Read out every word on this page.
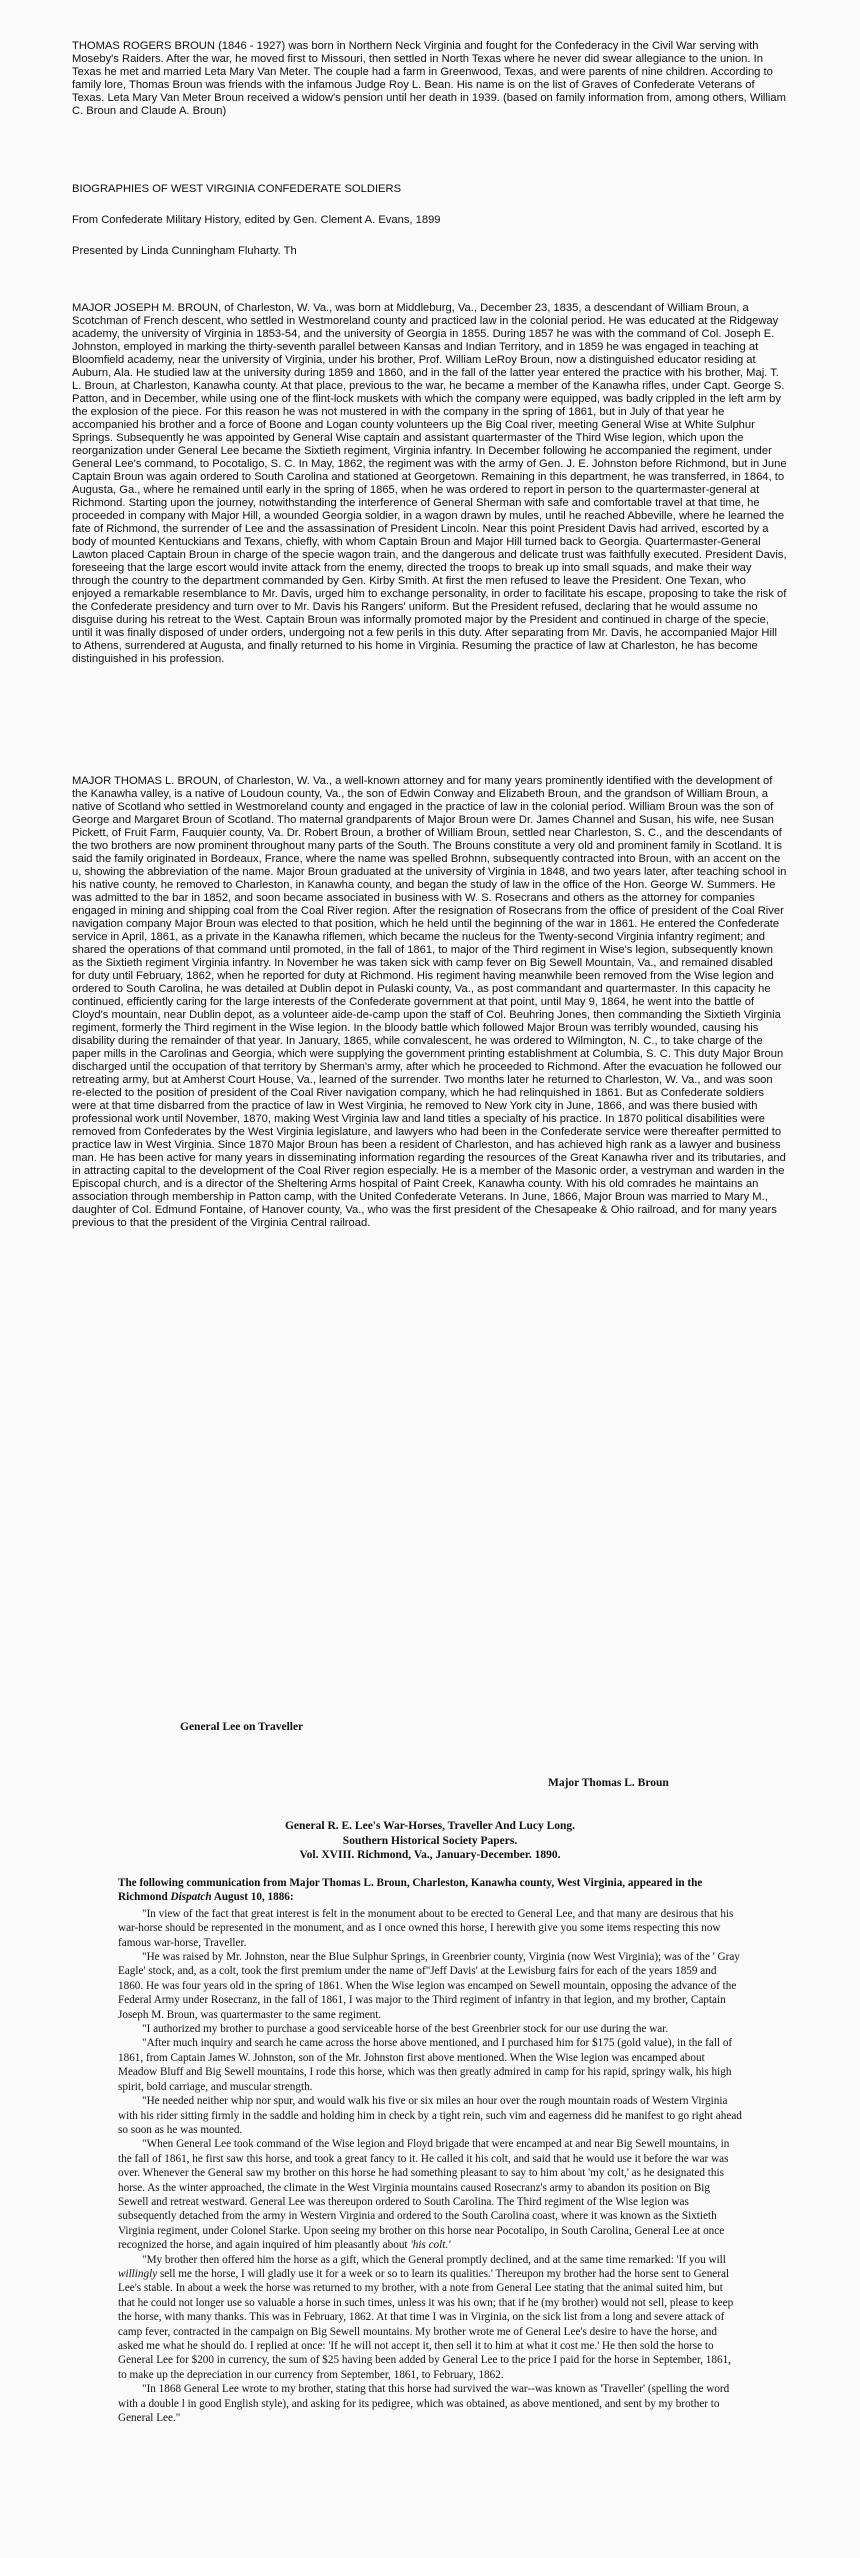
THOMAS ROGERS BROUN (1846 - 1927) was born in Northern Neck Virginia and fought for the Confederacy in the Civil War serving with Moseby's Raiders. After the war, he moved first to Missouri, then settled in North Texas where he never did swear allegiance to the union. In Texas he met and married Leta Mary Van Meter. The couple had a farm in Greenwood, Texas, and were parents of nine children. According to family lore, Thomas Broun was friends with the infamous Judge Roy L. Bean. His name is on the list of Graves of Confederate Veterans of Texas. Leta Mary Van Meter Broun received a widow's pension until her death in 1939. (based on family information from, among others, William C. Broun and Claude A. Broun)

BIOGRAPHIES OF WEST VIRGINIA CONFEDERATE SOLDIERS

From Confederate Military History, edited by Gen. Clement A. Evans, 1899

Presented by Linda Cunningham Fluharty. Th

MAJOR JOSEPH M. BROUN, of Charleston, W. Va., was born at Middleburg, Va., December 23, 1835, a descendant of William Broun, a Scotchman of French descent, who settled in Westmoreland county and practiced law in the colonial period. He was educated at the Ridgeway academy, the university of Virginia in 1853-54, and the university of Georgia in 1855. During 1857 he was with the command of Col. Joseph E. Johnston, employed in marking the thirty-seventh parallel between Kansas and Indian Territory, and in 1859 he was engaged in teaching at Bloomfield academy, near the university of Virginia, under his brother, Prof. William LeRoy Broun, now a distinguished educator residing at Auburn, Ala. He studied law at the university during 1859 and 1860, and in the fall of the latter year entered the practice with his brother, Maj. T. L. Broun, at Charleston, Kanawha county. At that place, previous to the war, he became a member of the Kanawha rifles, under Capt. George S. Patton, and in December, while using one of the flint-lock muskets with which the company were equipped, was badly crippled in the left arm by the explosion of the piece. For this reason he was not mustered in with the company in the spring of 1861, but in July of that year he accompanied his brother and a force of Boone and Logan county volunteers up the Big Coal river, meeting General Wise at White Sulphur Springs. Subsequently he was appointed by General Wise captain and assistant quartermaster of the Third Wise legion, which upon the reorganization under General Lee became the Sixtieth regiment, Virginia infantry. In December following he accompanied the regiment, under General Lee's command, to Pocotaligo, S. C. In May, 1862, the regiment was with the army of Gen. J. E. Johnston before Richmond, but in June Captain Broun was again ordered to South Carolina and stationed at Georgetown. Remaining in this department, he was transferred, in 1864, to Augusta, Ga., where he remained until early in the spring of 1865, when he was ordered to report in person to the quartermaster-general at Richmond. Starting upon the journey, notwithstanding the interference of General Sherman with safe and comfortable travel at that time, he proceeded in company with Major Hill, a wounded Georgia soldier, in a wagon drawn by mules, until he reached Abbeville, where he learned the fate of Richmond, the surrender of Lee and the assassination of President Lincoln. Near this point President Davis had arrived, escorted by a body of mounted Kentuckians and Texans, chiefly, with whom Captain Broun and Major Hill turned back to Georgia. Quartermaster-General Lawton placed Captain Broun in charge of the specie wagon train, and the dangerous and delicate trust was faithfully executed. President Davis, foreseeing that the large escort would invite attack from the enemy, directed the troops to break up into small squads, and make their way through the country to the department commanded by Gen. Kirby Smith. At first the men refused to leave the President. One Texan, who enjoyed a remarkable resemblance to Mr. Davis, urged him to exchange personality, in order to facilitate his escape, proposing to take the risk of the Confederate presidency and turn over to Mr. Davis his Rangers' uniform. But the President refused, declaring that he would assume no disguise during his retreat to the West. Captain Broun was informally promoted major by the President and continued in charge of the specie, until it was finally disposed of under orders, undergoing not a few perils in this duty. After separating from Mr. Davis, he accompanied Major Hill to Athens, surrendered at Augusta, and finally returned to his home in Virginia. Resuming the practice of law at Charleston, he has become distinguished in his profession.

MAJOR THOMAS L. BROUN, of Charleston, W. Va., a well-known attorney and for many years prominently identified with the development of the Kanawha valley, is a native of Loudoun county, Va., the son of Edwin Conway and Elizabeth Broun, and the grandson of William Broun, a native of Scotland who settled in Westmoreland county and engaged in the practice of law in the colonial period. William Broun was the son of George and Margaret Broun of Scotland. Tho maternal grandparents of Major Broun were Dr. James Channel and Susan, his wife, nee Susan Pickett, of Fruit Farm, Fauquier county, Va. Dr. Robert Broun, a brother of William Broun, settled near Charleston, S. C., and the descendants of the two brothers are now prominent throughout many parts of the South. The Brouns constitute a very old and prominent family in Scotland. It is said the family originated in Bordeaux, France, where the name was spelled Brohnn, subsequently contracted into Broun, with an accent on the u, showing the abbreviation of the name. Major Broun graduated at the university of Virginia in 1848, and two years later, after teaching school in his native county, he removed to Charleston, in Kanawha county, and began the study of law in the office of the Hon. George W. Summers. He was admitted to the bar in 1852, and soon became associated in business with W. S. Rosecrans and others as the attorney for companies engaged in mining and shipping coal from the Coal River region. After the resignation of Rosecrans from the office of president of the Coal River navigation company Major Broun was elected to that position, which he held until the beginning of the war in 1861. He entered the Confederate service in April, 1861, as a private in the Kanawha riflemen, which became the nucleus for the Twenty-second Virginia infantry regiment; and shared the operations of that command until promoted, in the fall of 1861, to major of the Third regiment in Wise's legion, subsequently known as the Sixtieth regiment Virginia infantry. In November he was taken sick with camp fever on Big Sewell Mountain, Va., and remained disabled for duty until February, 1862, when he reported for duty at Richmond. His regiment having meanwhile been removed from the Wise legion and ordered to South Carolina, he was detailed at Dublin depot in Pulaski county, Va., as post commandant and quartermaster. In this capacity he continued, efficiently caring for the large interests of the Confederate government at that point, until May 9, 1864, he went into the battle of Cloyd's mountain, near Dublin depot, as a volunteer aide-de-camp upon the staff of Col. Beuhring Jones, then commanding the Sixtieth Virginia regiment, formerly the Third regiment in the Wise legion. In the bloody battle which followed Major Broun was terribly wounded, causing his disability during the remainder of that year. In January, 1865, while convalescent, he was ordered to Wilmington, N. C., to take charge of the paper mills in the Carolinas and Georgia, which were supplying the government printing establishment at Columbia, S. C. This duty Major Broun discharged until the occupation of that territory by Sherman's army, after which he proceeded to Richmond. After the evacuation he followed our retreating army, but at Amherst Court House, Va., learned of the surrender. Two months later he returned to Charleston, W. Va., and was soon re-elected to the position of president of the Coal River navigation company, which he had relinquished in 1861. But as Confederate soldiers were at that time disbarred from the practice of law in West Virginia, he removed to New York city in June, 1866, and was there busied with professional work until November, 1870, making West Virginia law and land titles a specialty of his practice. In 1870 political disabilities were removed from Confederates by the West Virginia legislature, and lawyers who had been in the Confederate service were thereafter permitted to practice law in West Virginia. Since 1870 Major Broun has been a resident of Charleston, and has achieved high rank as a lawyer and business man. He has been active for many years in disseminating information regarding the resources of the Great Kanawha river and its tributaries, and in attracting capital to the development of the Coal River region especially. He is a member of the Masonic order, a vestryman and warden in the Episcopal church, and is a director of the Sheltering Arms hospital of Paint Creek, Kanawha county. With his old comrades he maintains an association through membership in Patton camp, with the United Confederate Veterans. In June, 1866, Major Broun was married to Mary M., daughter of Col. Edmund Fontaine, of Hanover county, Va., who was the first president of the Chesapeake & Ohio railroad, and for many years previous to that the president of the Virginia Central railroad.

General Lee on Traveller

Major Thomas L. Broun

General R. E. Lee's War-Horses, Traveller And Lucy Long.
Southern Historical Society Papers.
Vol. XVIII. Richmond, Va., January-December. 1890.

The following communication from Major Thomas L. Broun, Charleston, Kanawha county, West Virginia, appeared in the Richmond Dispatch August 10, 1886:

"In view of the fact that great interest is felt in the monument about to be erected to General Lee, and that many are desirous that his war-horse should be represented in the monument, and as I once owned this horse, I herewith give you some items respecting this now famous war-horse, Traveller.

"He was raised by Mr. Johnston, near the Blue Sulphur Springs, in Greenbrier county, Virginia (now West Virginia); was of the ' Gray Eagle' stock, and, as a colt, took the first premium under the name of"Jeff Davis' at the Lewisburg fairs for each of the years 1859 and 1860. He was four years old in the spring of 1861. When the Wise legion was encamped on Sewell mountain, opposing the advance of the Federal Army under Rosecranz, in the fall of 1861, I was major to the Third regiment of infantry in that legion, and my brother, Captain Joseph M. Broun, was quartermaster to the same regiment.

"I authorized my brother to purchase a good serviceable horse of the best Greenbrier stock for our use during the war.

"After much inquiry and search he came across the horse above mentioned, and I purchased him for $175 (gold value), in the fall of 1861, from Captain James W. Johnston, son of the Mr. Johnston first above mentioned. When the Wise legion was encamped about Meadow Bluff and Big Sewell mountains, I rode this horse, which was then greatly admired in camp for his rapid, springy walk, his high spirit, bold carriage, and muscular strength.

"He needed neither whip nor spur, and would walk his five or six miles an hour over the rough mountain roads of Western Virginia with his rider sitting firmly in the saddle and holding him in check by a tight rein, such vim and eagerness did he manifest to go right ahead so soon as he was mounted.

"When General Lee took command of the Wise legion and Floyd brigade that were encamped at and near Big Sewell mountains, in the fall of 1861, he first saw this horse, and took a great fancy to it. He called it his colt, and said that he would use it before the war was over. Whenever the General saw my brother on this horse he had something pleasant to say to him about 'my colt,' as he designated this horse. As the winter approached, the climate in the West Virginia mountains caused Rosecranz's army to abandon its position on Big Sewell and retreat westward. General Lee was thereupon ordered to South Carolina. The Third regiment of the Wise legion was subsequently detached from the army in Western Virginia and ordered to the South Carolina coast, where it was known as the Sixtieth Virginia regiment, under Colonel Starke. Upon seeing my brother on this horse near Pocotalipo, in South Carolina, General Lee at once recognized the horse, and again inquired of him pleasantly about 'his colt.'

"My brother then offered him the horse as a gift, which the General promptly declined, and at the same time remarked: 'If you will willingly sell me the horse, I will gladly use it for a week or so to learn its qualities.' Thereupon my brother had the horse sent to General Lee's stable. In about a week the horse was returned to my brother, with a note from General Lee stating that the animal suited him, but that he could not longer use so valuable a horse in such times, unless it was his own; that if he (my brother) would not sell, please to keep the horse, with many thanks. This was in February, 1862. At that time I was in Virginia, on the sick list from a long and severe attack of camp fever, contracted in the campaign on Big Sewell mountains. My brother wrote me of General Lee's desire to have the horse, and asked me what he should do. I replied at once: 'If he will not accept it, then sell it to him at what it cost me.' He then sold the horse to General Lee for $200 in currency, the sum of $25 having been added by General Lee to the price I paid for the horse in September, 1861, to make up the depreciation in our currency from September, 1861, to February, 1862.

"In 1868 General Lee wrote to my brother, stating that this horse had survived the war--was known as 'Traveller' (spelling the word with a double l in good English style), and asking for its pedigree, which was obtained, as above mentioned, and sent by my brother to General Lee."
